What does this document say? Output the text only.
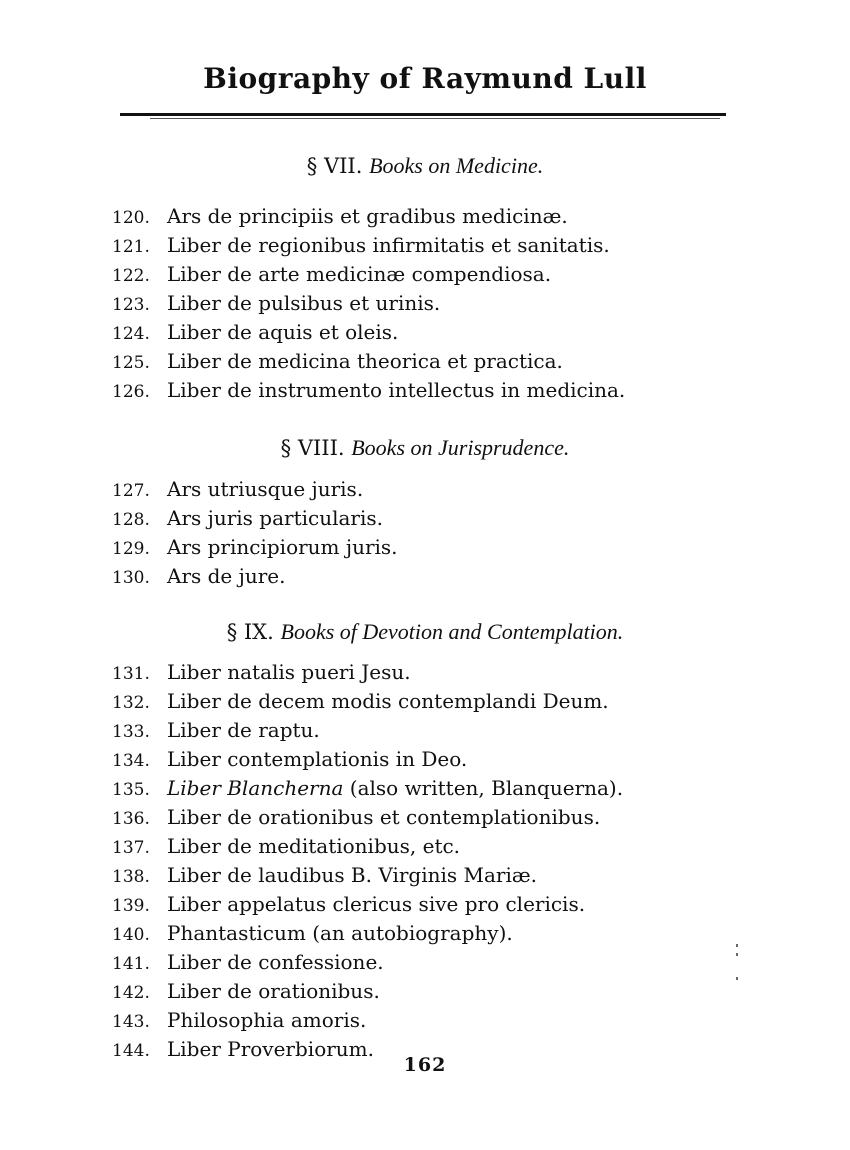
Biography of Raymund Lull
§ VII. Books on Medicine.
120. Ars de principiis et gradibus medicinæ.
121. Liber de regionibus infirmitatis et sanitatis.
122. Liber de arte medicinæ compendiosa.
123. Liber de pulsibus et urinis.
124. Liber de aquis et oleis.
125. Liber de medicina theorica et practica.
126. Liber de instrumento intellectus in medicina.
§ VIII. Books on Jurisprudence.
127. Ars utriusque juris.
128. Ars juris particularis.
129. Ars principiorum juris.
130. Ars de jure.
§ IX. Books of Devotion and Contemplation.
131. Liber natalis pueri Jesu.
132. Liber de decem modis contemplandi Deum.
133. Liber de raptu.
134. Liber contemplationis in Deo.
135. Liber Blancherna (also written, Blanquerna).
136. Liber de orationibus et contemplationibus.
137. Liber de meditationibus, etc.
138. Liber de laudibus B. Virginis Mariæ.
139. Liber appelatus clericus sive pro clericis.
140. Phantasticum (an autobiography).
141. Liber de confessione.
142. Liber de orationibus.
143. Philosophia amoris.
144. Liber Proverbiorum.
162
